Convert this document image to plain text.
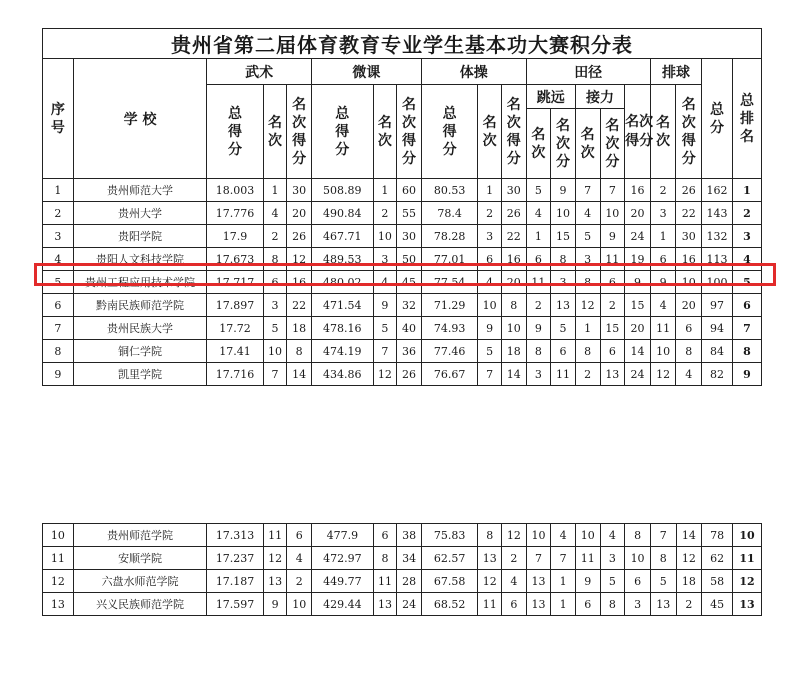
贵州省第二届体育教育专业学生基本功大赛积分表																			
序号	学 校	武术			微课			体操			田径					排球		总分	总排名
		总得分	名次	名次得分	总得分	名次	名次得分	总得分	名次	名次得分	跳远		接力		名次得分	名次	名次得分		
											名次	名次分	名次	名次分					
1	贵州师范大学	18.003	1	30	508.89	1	60	80.53	1	30	5	9	7	7	16	2	26	162	1
2	贵州大学	17.776	4	20	490.84	2	55	78.4	2	26	4	10	4	10	20	3	22	143	2
3	贵阳学院	17.9	2	26	467.71	10	30	78.28	3	22	1	15	5	9	24	1	30	132	3
4	贵阳人文科技学院	17.673	8	12	489.53	3	50	77.01	6	16	6	8	3	11	19	6	16	113	4
5	贵州工程应用技术学院	17.717	6	16	480.02	4	45	77.54	4	20	11	3	8	6	9	9	10	100	5
6	黔南民族师范学院	17.897	3	22	471.54	9	32	71.29	10	8	2	13	12	2	15	4	20	97	6
7	贵州民族大学	17.72	5	18	478.16	5	40	74.93	9	10	9	5	1	15	20	11	6	94	7
8	铜仁学院	17.41	10	8	474.19	7	36	77.46	5	18	8	6	8	6	14	10	8	84	8
9	凯里学院	17.716	7	14	434.86	12	26	76.67	7	14	3	11	2	13	24	12	4	82	9
10	贵州师范学院	17.313	11	6	477.9	6	38	75.83	8	12	10	4	10	4	8	7	14	78	10
11	安顺学院	17.237	12	4	472.97	8	34	62.57	13	2	7	7	11	3	10	8	12	62	11
12	六盘水师范学院	17.187	13	2	449.77	11	28	67.58	12	4	13	1	9	5	6	5	18	58	12
13	兴义民族师范学院	17.597	9	10	429.44	13	24	68.52	11	6	13	1	6	8	3	13	2	45	13
